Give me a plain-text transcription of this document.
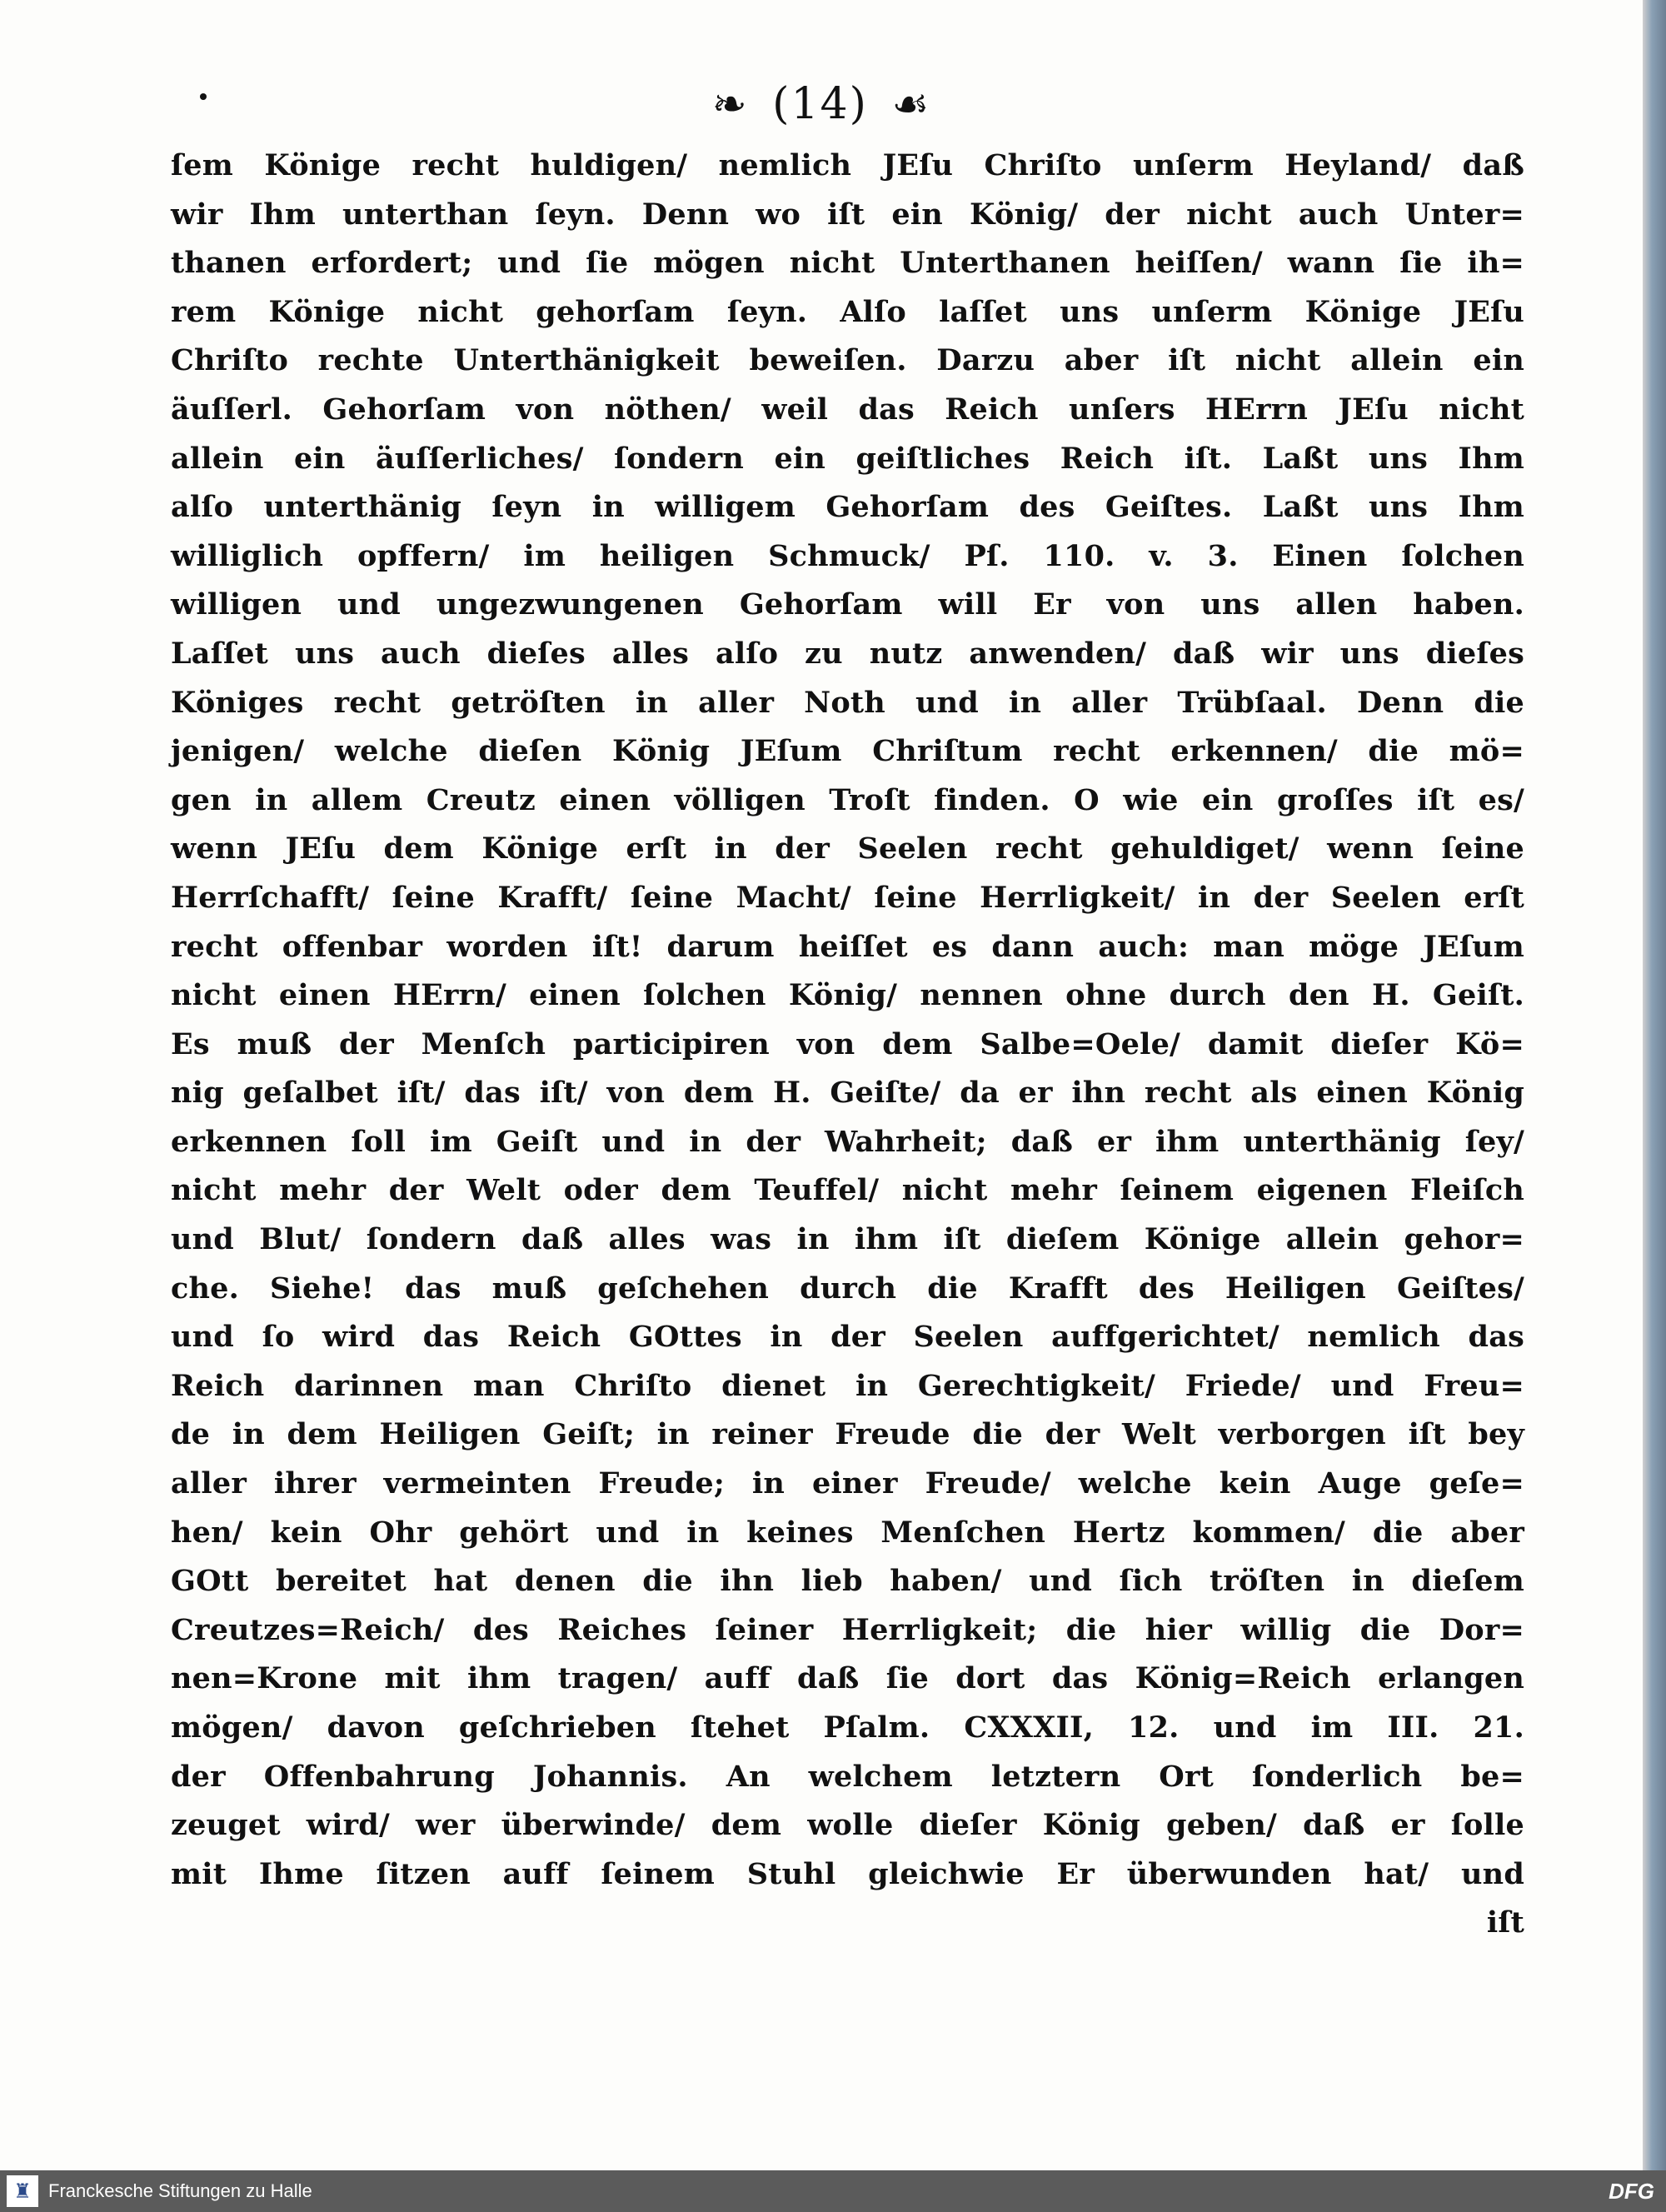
❧ (14) ☙
ſem Könige recht huldigen/ nemlich JEſu Chriſto unſerm Heyland/ daß
wir Ihm unterthan ſeyn. Denn wo iſt ein König/ der nicht auch Unter=
thanen erfordert; und ſie mögen nicht Unterthanen heiſſen/ wann ſie ih=
rem Könige nicht gehorſam ſeyn. Alſo laſſet uns unſerm Könige JEſu
Chriſto rechte Unterthänigkeit beweiſen. Darzu aber iſt nicht allein ein
äuſſerl. Gehorſam von nöthen/ weil das Reich unſers HErrn JEſu nicht
allein ein äuſſerliches/ ſondern ein geiſtliches Reich iſt. Laßt uns Ihm
alſo unterthänig ſeyn in willigem Gehorſam des Geiſtes. Laßt uns Ihm
williglich opffern/ im heiligen Schmuck/ Pſ. 110. v. 3. Einen ſolchen
willigen und ungezwungenen Gehorſam will Er von uns allen haben.
Laſſet uns auch dieſes alles alſo zu nutz anwenden/ daß wir uns dieſes
Königes recht getröſten in aller Noth und in aller Trübſaal. Denn die
jenigen/ welche dieſen König JEſum Chriſtum recht erkennen/ die mö=
gen in allem Creutz einen völligen Troſt finden. O wie ein groſſes iſt es/
wenn JEſu dem Könige erſt in der Seelen recht gehuldiget/ wenn ſeine
Herrſchafft/ ſeine Krafft/ ſeine Macht/ ſeine Herrligkeit/ in der Seelen erſt
recht offenbar worden iſt! darum heiſſet es dann auch: man möge JEſum
nicht einen HErrn/ einen ſolchen König/ nennen ohne durch den H. Geiſt.
Es muß der Menſch participiren von dem Salbe=Oele/ damit dieſer Kö=
nig geſalbet iſt/ das iſt/ von dem H. Geiſte/ da er ihn recht als einen König
erkennen ſoll im Geiſt und in der Wahrheit; daß er ihm unterthänig ſey/
nicht mehr der Welt oder dem Teuffel/ nicht mehr ſeinem eigenen Fleiſch
und Blut/ ſondern daß alles was in ihm iſt dieſem Könige allein gehor=
che. Siehe! das muß geſchehen durch die Krafft des Heiligen Geiſtes/
und ſo wird das Reich GOttes in der Seelen auffgerichtet/ nemlich das
Reich darinnen man Chriſto dienet in Gerechtigkeit/ Friede/ und Freu=
de in dem Heiligen Geiſt; in reiner Freude die der Welt verborgen iſt bey
aller ihrer vermeinten Freude; in einer Freude/ welche kein Auge geſe=
hen/ kein Ohr gehört und in keines Menſchen Hertz kommen/ die aber
GOtt bereitet hat denen die ihn lieb haben/ und ſich tröſten in dieſem
Creutzes=Reich/ des Reiches ſeiner Herrligkeit; die hier willig die Dor=
nen=Krone mit ihm tragen/ auff daß ſie dort das König=Reich erlangen
mögen/ davon geſchrieben ſtehet Pſalm. CXXXII, 12. und im III. 21.
der Offenbahrung Johannis. An welchem letztern Ort ſonderlich be=
zeuget wird/ wer überwinde/ dem wolle dieſer König geben/ daß er ſolle
mit Ihme ſitzen auff ſeinem Stuhl gleichwie Er überwunden hat/ und
iſt
♜ Franckesche Stiftungen zu Halle	DFG
